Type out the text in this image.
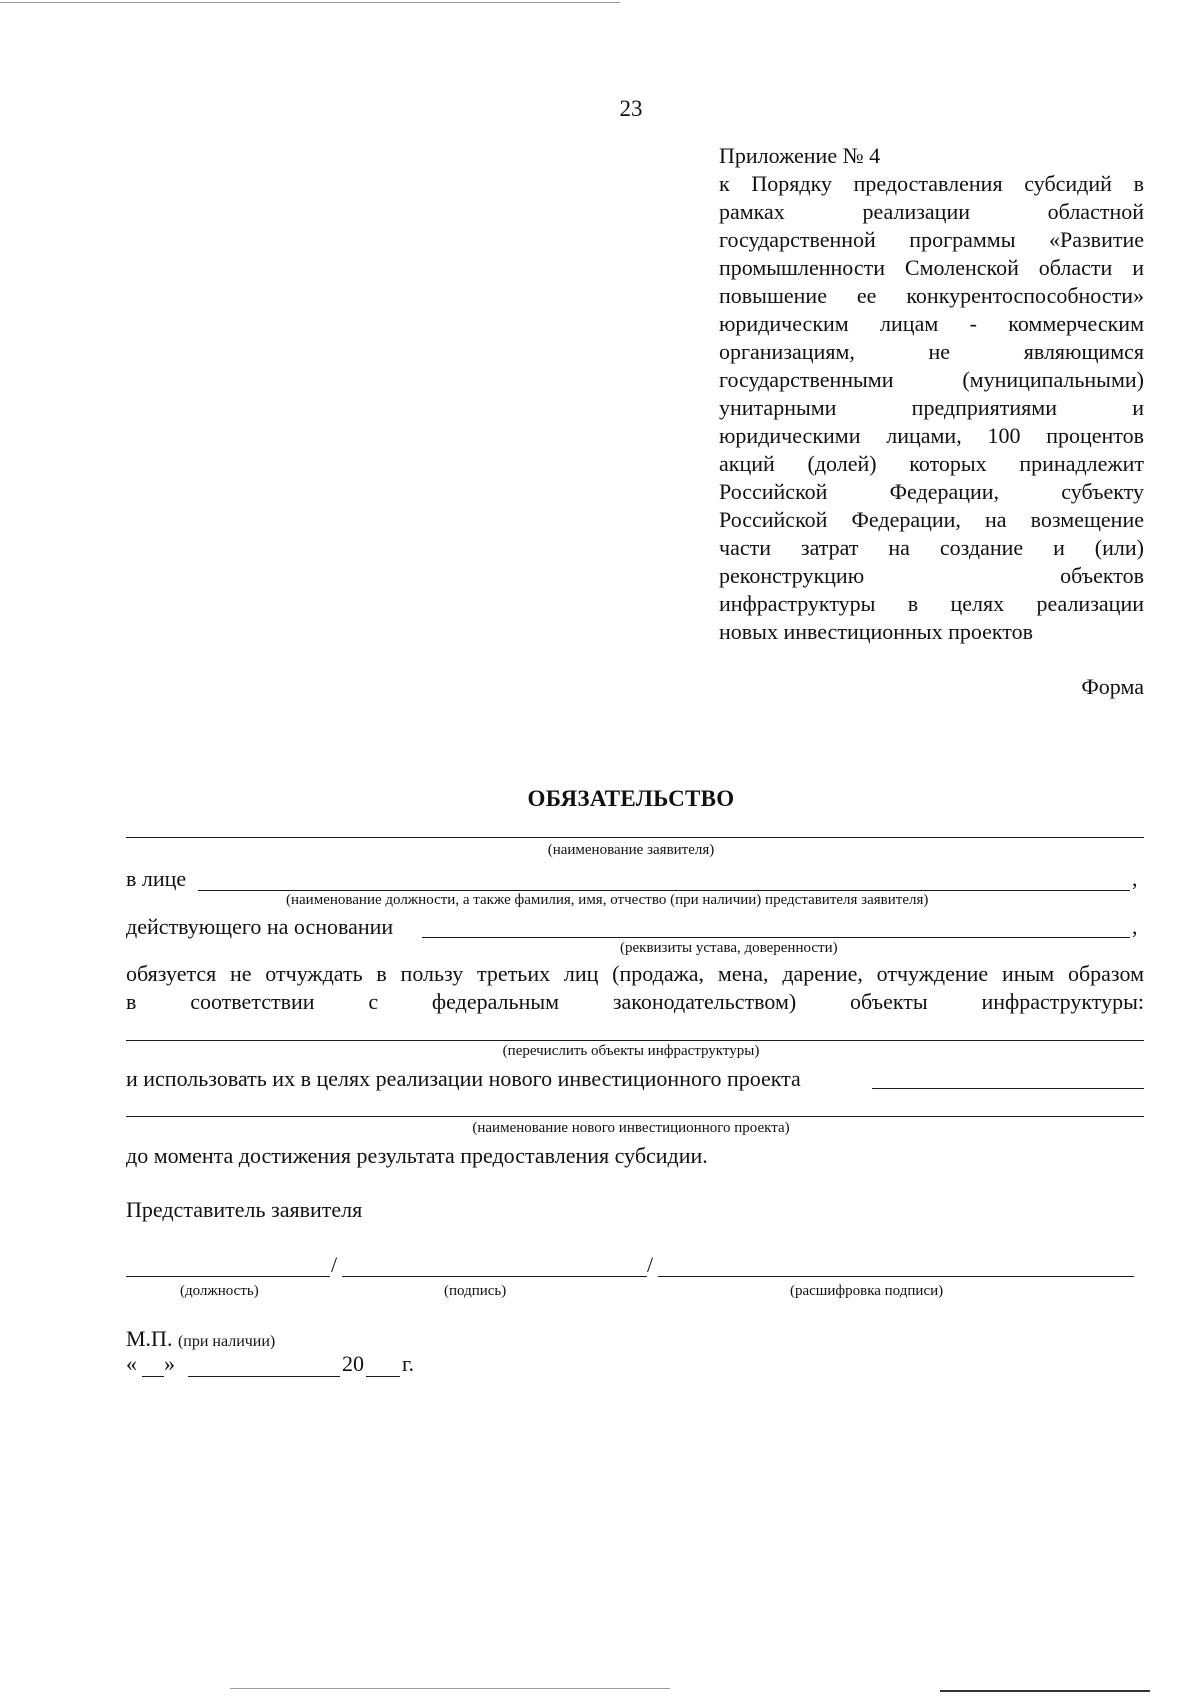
23
Приложение № 4
к Порядку предоставления субсидий в
рамках реализации областной
государственной программы «Развитие
промышленности Смоленской области и
повышение ее конкурентоспособности»
юридическим лицам - коммерческим
организациям, не являющимся
государственными (муниципальными)
унитарными предприятиями и
юридическими лицами, 100 процентов
акций (долей) которых принадлежит
Российской Федерации, субъекту
Российской Федерации, на возмещение
части затрат на создание и (или)
реконструкцию объектов
инфраструктуры в целях реализации
новых инвестиционных проектов
Форма
ОБЯЗАТЕЛЬСТВО
(наименование заявителя)
в лице	,
(наименование должности, а также фамилия, имя, отчество (при наличии) представителя заявителя)
действующего на основании	,
(реквизиты устава, доверенности)
обязуется не отчуждать в пользу третьих лиц (продажа, мена, дарение, отчуждение иным образом
в соответствии с федеральным законодательством) объекты инфраструктуры:
(перечислить объекты инфраструктуры)
и использовать их в целях реализации нового инвестиционного проекта
(наименование нового инвестиционного проекта)
до момента достижения результата предоставления субсидии.
Представитель заявителя
/	/
(должность)	(подпись)	(расшифровка подписи)
М.П. (при наличии)
« »	20 г.
